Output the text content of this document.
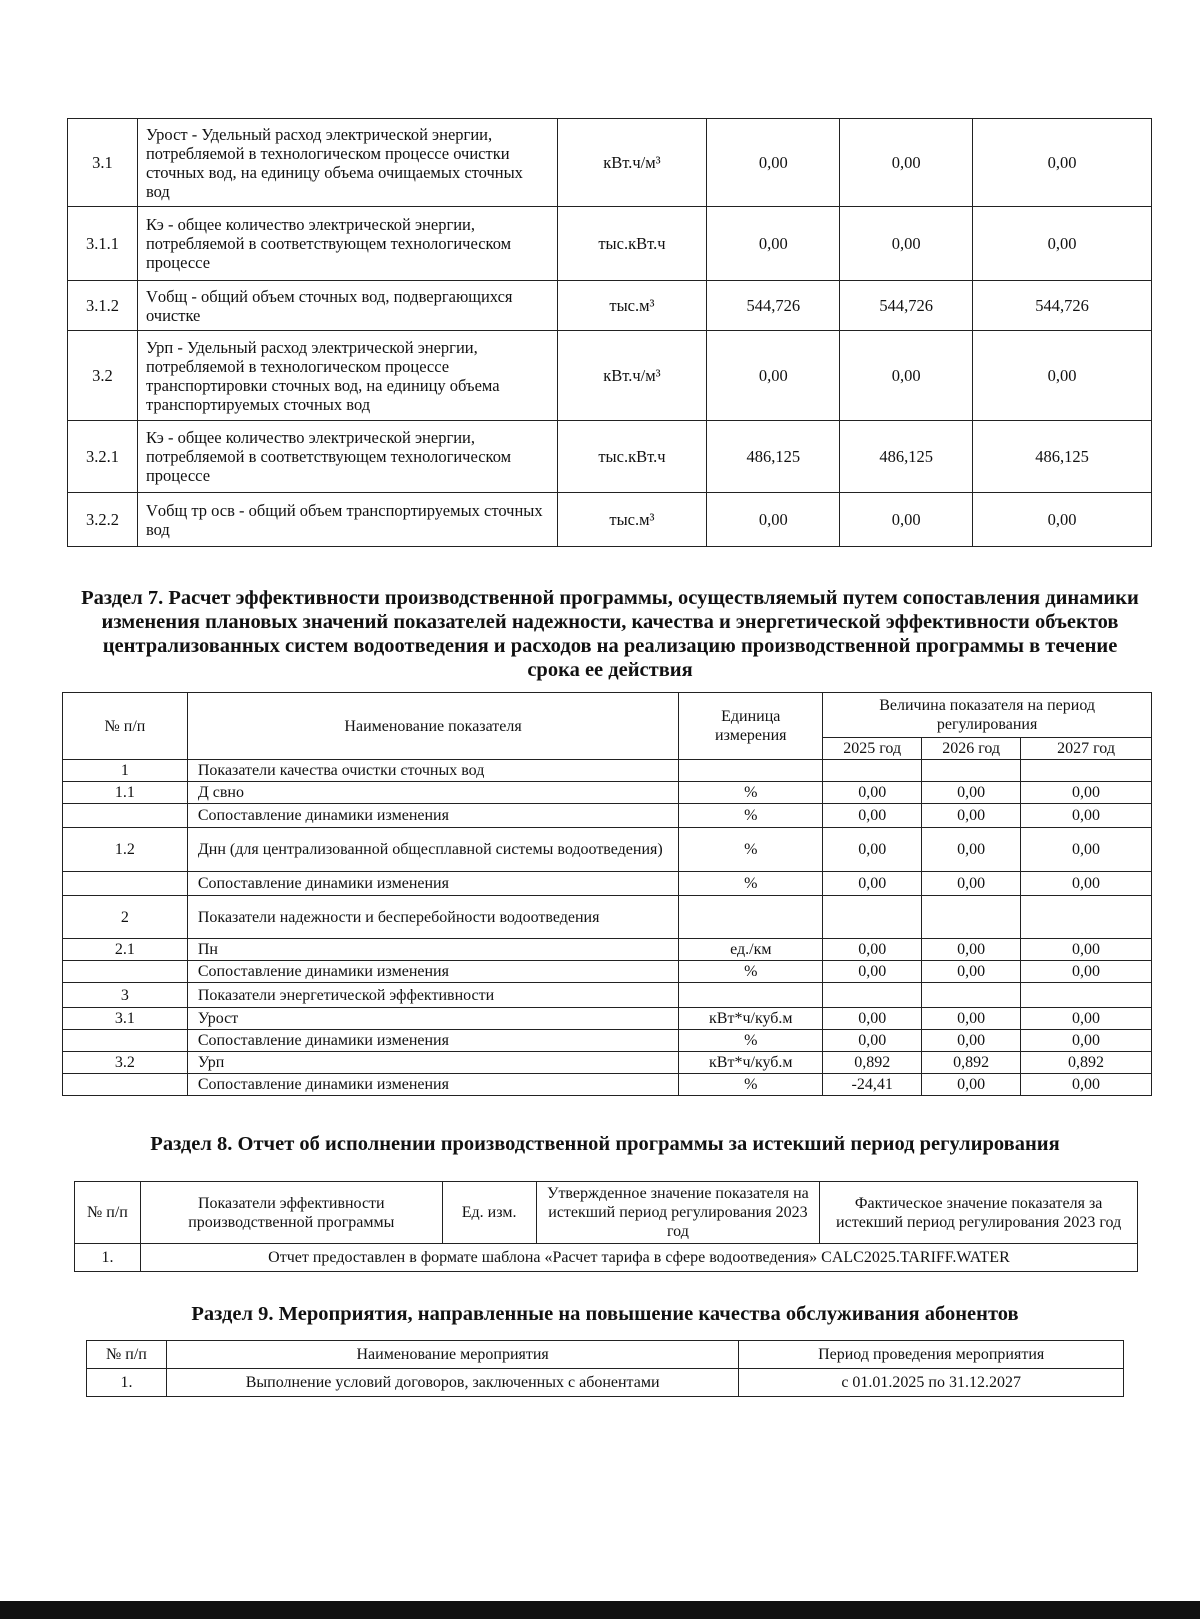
3.1	Урост - Удельный расход электрической энергии, потребляемой в технологическом процессе очистки сточных вод, на единицу объема очищаемых сточных вод	кВт.ч/м³	0,00	0,00	0,00
3.1.1	Кэ - общее количество электрической энергии, потребляемой в соответствующем технологическом процессе	тыс.кВт.ч	0,00	0,00	0,00
3.1.2	Vобщ - общий объем сточных вод, подвергающихся очистке	тыс.м³	544,726	544,726	544,726
3.2	Урп - Удельный расход электрической энергии, потребляемой в технологическом процессе транспортировки сточных вод, на единицу объема транспортируемых сточных вод	кВт.ч/м³	0,00	0,00	0,00
3.2.1	Кэ - общее количество электрической энергии, потребляемой в соответствующем технологическом процессе	тыс.кВт.ч	486,125	486,125	486,125
3.2.2	Vобщ тр осв - общий объем транспортируемых сточных вод	тыс.м³	0,00	0,00	0,00
Раздел 7. Расчет эффективности производственной программы, осуществляемый путем сопоставления динамики изменения плановых значений показателей надежности, качества и энергетической эффективности объектов централизованных систем водоотведения и расходов на реализацию производственной программы в течение срока ее действия
№ п/п	Наименование показателя	Единица измерения	Величина показателя на период регулирования		
			2025 год	2026 год	2027 год
1	Показатели качества очистки сточных вод				
1.1	Д свно	%	0,00	0,00	0,00
	Сопоставление динамики изменения	%	0,00	0,00	0,00
1.2	Днн (для централизованной общесплавной системы водоотведения)	%	0,00	0,00	0,00
	Сопоставление динамики изменения	%	0,00	0,00	0,00
2	Показатели надежности и бесперебойности водоотведения				
2.1	Пн	ед./км	0,00	0,00	0,00
	Сопоставление динамики изменения	%	0,00	0,00	0,00
3	Показатели энергетической эффективности				
3.1	Урост	кВт*ч/куб.м	0,00	0,00	0,00
	Сопоставление динамики изменения	%	0,00	0,00	0,00
3.2	Урп	кВт*ч/куб.м	0,892	0,892	0,892
	Сопоставление динамики изменения	%	-24,41	0,00	0,00
Раздел 8. Отчет об исполнении производственной программы за истекший период регулирования
№ п/п	Показатели эффективности производственной программы	Ед. изм.	Утвержденное значение показателя на истекший период регулирования 2023 год	Фактическое значение показателя за истекший период регулирования 2023 год
1.	Отчет предоставлен в формате шаблона «Расчет тарифа в сфере водоотведения» CALC2025.TARIFF.WATER			
Раздел 9. Мероприятия, направленные на повышение качества обслуживания абонентов
№ п/п	Наименование мероприятия	Период проведения мероприятия
1.	Выполнение условий договоров, заключенных с абонентами	с 01.01.2025 по 31.12.2027
